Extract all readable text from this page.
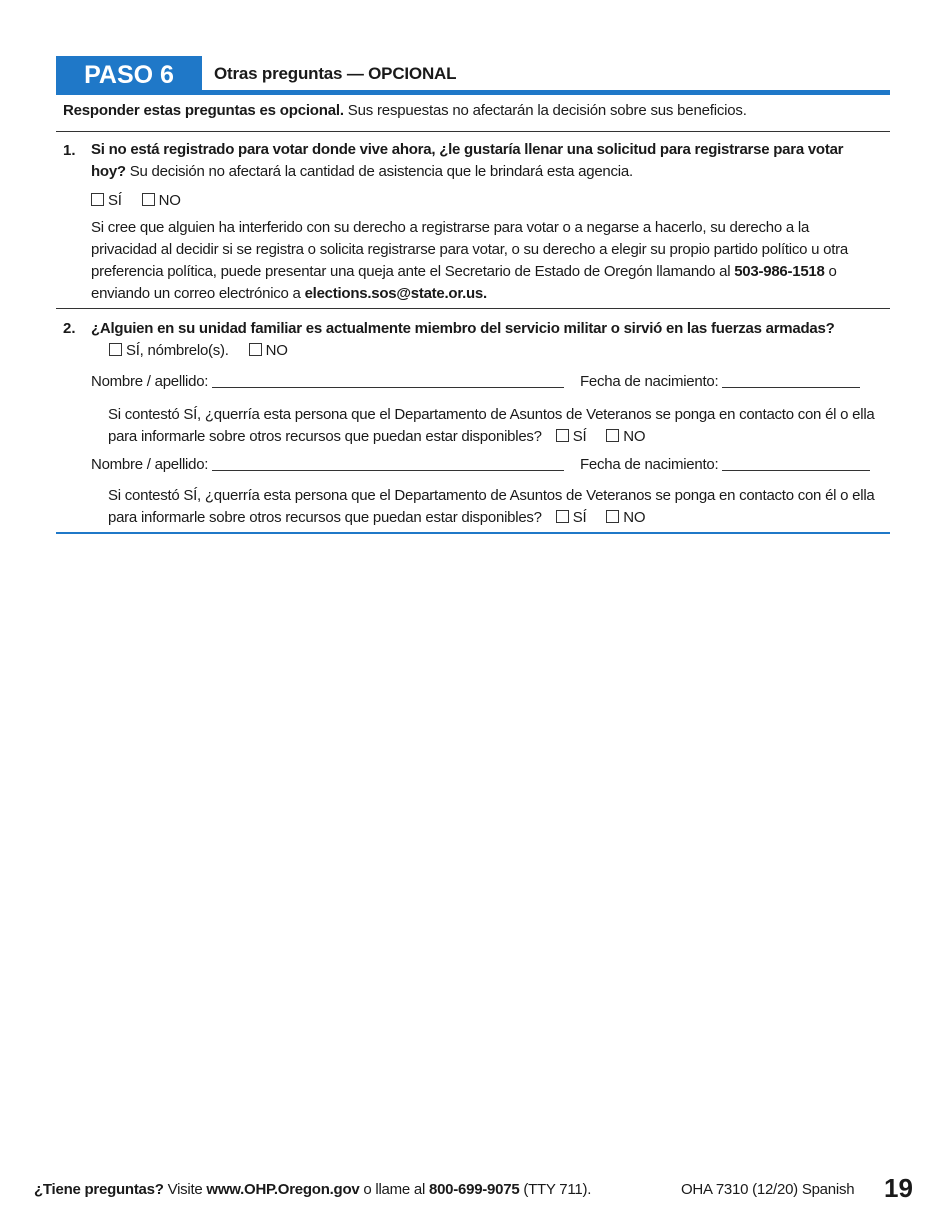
PASO 6	Otras preguntas — OPCIONAL
Responder estas preguntas es opcional. Sus respuestas no afectarán la decisión sobre sus beneficios.
1. Si no está registrado para votar donde vive ahora, ¿le gustaría llenar una solicitud para registrarse para votar hoy? Su decisión no afectará la cantidad de asistencia que le brindará esta agencia.
SÍ NO
Si cree que alguien ha interferido con su derecho a registrarse para votar o a negarse a hacerlo, su derecho a la privacidad al decidir si se registra o solicita registrarse para votar, o su derecho a elegir su propio partido político u otra preferencia política, puede presentar una queja ante el Secretario de Estado de Oregón llamando al 503-986-1518 o enviando un correo electrónico a elections.sos@state.or.us.
2. ¿Alguien en su unidad familiar es actualmente miembro del servicio militar o sirvió en las fuerzas armadas? SÍ, nómbrelo(s). NO
Nombre / apellido:	Fecha de nacimiento:
Si contestó SÍ, ¿querría esta persona que el Departamento de Asuntos de Veteranos se ponga en contacto con él o ella para informarle sobre otros recursos que puedan estar disponibles? SÍ NO
Nombre / apellido:	Fecha de nacimiento:
Si contestó SÍ, ¿querría esta persona que el Departamento de Asuntos de Veteranos se ponga en contacto con él o ella para informarle sobre otros recursos que puedan estar disponibles? SÍ NO
¿Tiene preguntas? Visite www.OHP.Oregon.gov o llame al 800-699-9075 (TTY 711).	OHA 7310 (12/20) Spanish 19
